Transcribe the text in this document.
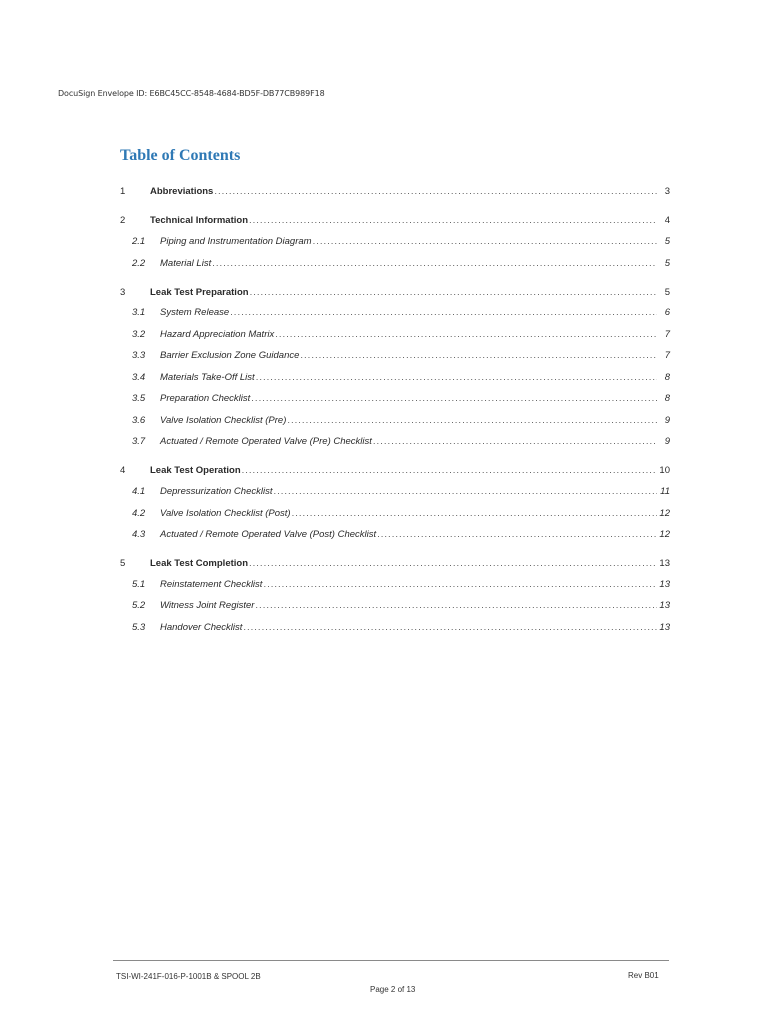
DocuSign Envelope ID: E6BC45CC-8548-4684-BD5F-DB77CB989F18
Table of Contents
1	Abbreviations .....	3
2	Technical Information .....	4
2.1	Piping and Instrumentation Diagram .....	5
2.2	Material List .....	5
3	Leak Test Preparation .....	5
3.1	System Release .....	6
3.2	Hazard Appreciation Matrix .....	7
3.3	Barrier Exclusion Zone Guidance .....	7
3.4	Materials Take-Off List .....	8
3.5	Preparation Checklist .....	8
3.6	Valve Isolation Checklist (Pre) .....	9
3.7	Actuated / Remote Operated Valve (Pre) Checklist .....	9
4	Leak Test Operation .....	10
4.1	Depressurization Checklist .....	11
4.2	Valve Isolation Checklist (Post) .....	12
4.3	Actuated / Remote Operated Valve (Post) Checklist .....	12
5	Leak Test Completion .....	13
5.1	Reinstatement Checklist .....	13
5.2	Witness Joint Register .....	13
5.3	Handover Checklist .....	13
TSI-WI-241F-016-P-1001B & SPOOL 2B	Rev B01
Page 2 of 13
